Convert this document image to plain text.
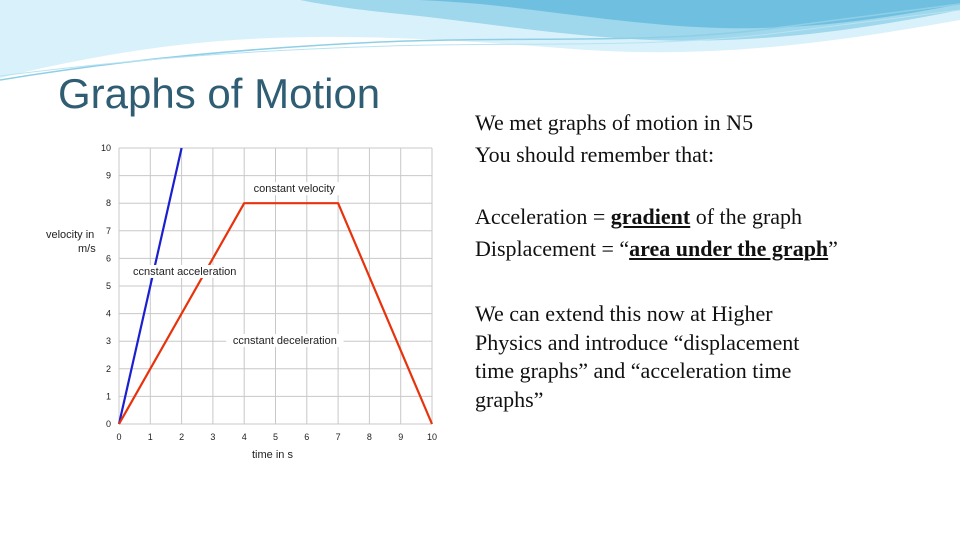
Graphs of Motion
0	1	2	3	4	5	6	7	8	9	10
0
1
2
3
4
5
6
7
8
9
10
constant velocity
ccnstant acceleration
ccnstant deceleration
velocity in
m/s
time in s

We met graphs of motion in N5

You should remember that:

Acceleration = gradient of the graph

Displacement = “area under the graph”

We can extend this now at Higher

Physics and introduce “displacement

time graphs” and “acceleration time

graphs”
